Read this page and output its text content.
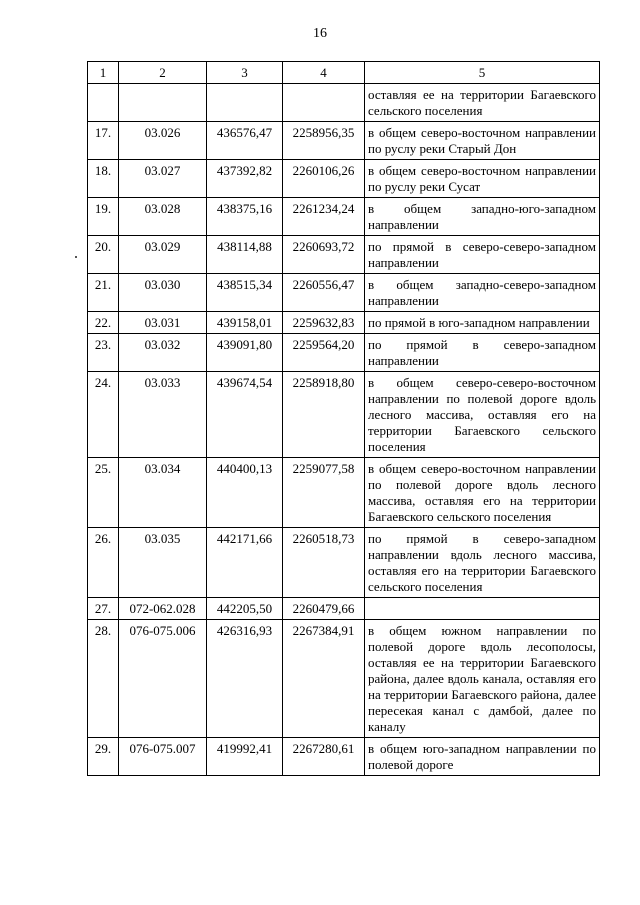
16
1	2	3	4	5
				оставляя ее на территории Багаевского сельского поселения
17.	03.026	436576,47	2258956,35	в общем северо-восточном направлении по руслу реки Старый Дон
18.	03.027	437392,82	2260106,26	в общем северо-восточном направлении по руслу реки Сусат
19.	03.028	438375,16	2261234,24	в общем западно-юго-западном направлении
20.	03.029	438114,88	2260693,72	по прямой в северо-северо-западном направлении
21.	03.030	438515,34	2260556,47	в общем западно-северо-западном направлении
22.	03.031	439158,01	2259632,83	по прямой в юго-западном направлении
23.	03.032	439091,80	2259564,20	по прямой в северо-западном направлении
24.	03.033	439674,54	2258918,80	в общем северо-северо-восточном направлении по полевой дороге вдоль лесного массива, оставляя его на территории Багаевского сельского поселения
25.	03.034	440400,13	2259077,58	в общем северо-восточном направлении по полевой дороге вдоль лесного массива, оставляя его на территории Багаевского сельского поселения
26.	03.035	442171,66	2260518,73	по прямой в северо-западном направлении вдоль лесного массива, оставляя его на территории Багаевского сельского поселения
27.	072-062.028	442205,50	2260479,66	
28.	076-075.006	426316,93	2267384,91	в общем южном направлении по полевой дороге вдоль лесополосы, оставляя ее на территории Багаевского района, далее вдоль канала, оставляя его на территории Багаевского района, далее пересекая канал с дамбой, далее по каналу
29.	076-075.007	419992,41	2267280,61	в общем юго-западном направлении по полевой дороге
